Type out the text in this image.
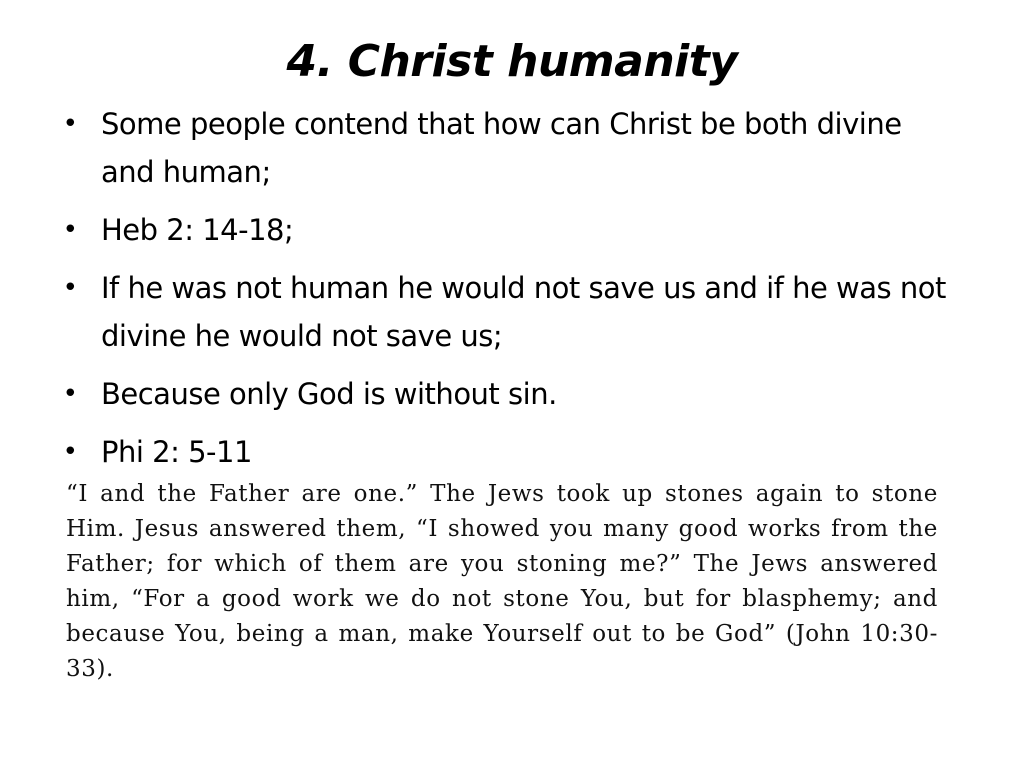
4. Christ humanity
• Some people contend that how can Christ be both divine and human;
• Heb 2: 14-18;
• If he was not human he would not save us and if he was not divine he would not save us;
• Because only God is without sin.
• Phi 2: 5-11

“I and the Father are one.” The Jews took up stones again to stone Him. Jesus answered them, “I showed you many good works from the Father; for which of them are you stoning me?” The Jews answered him, “For a good work we do not stone You, but for blasphemy; and because You, being a man, make Yourself out to be God” (John 10:30-33).
